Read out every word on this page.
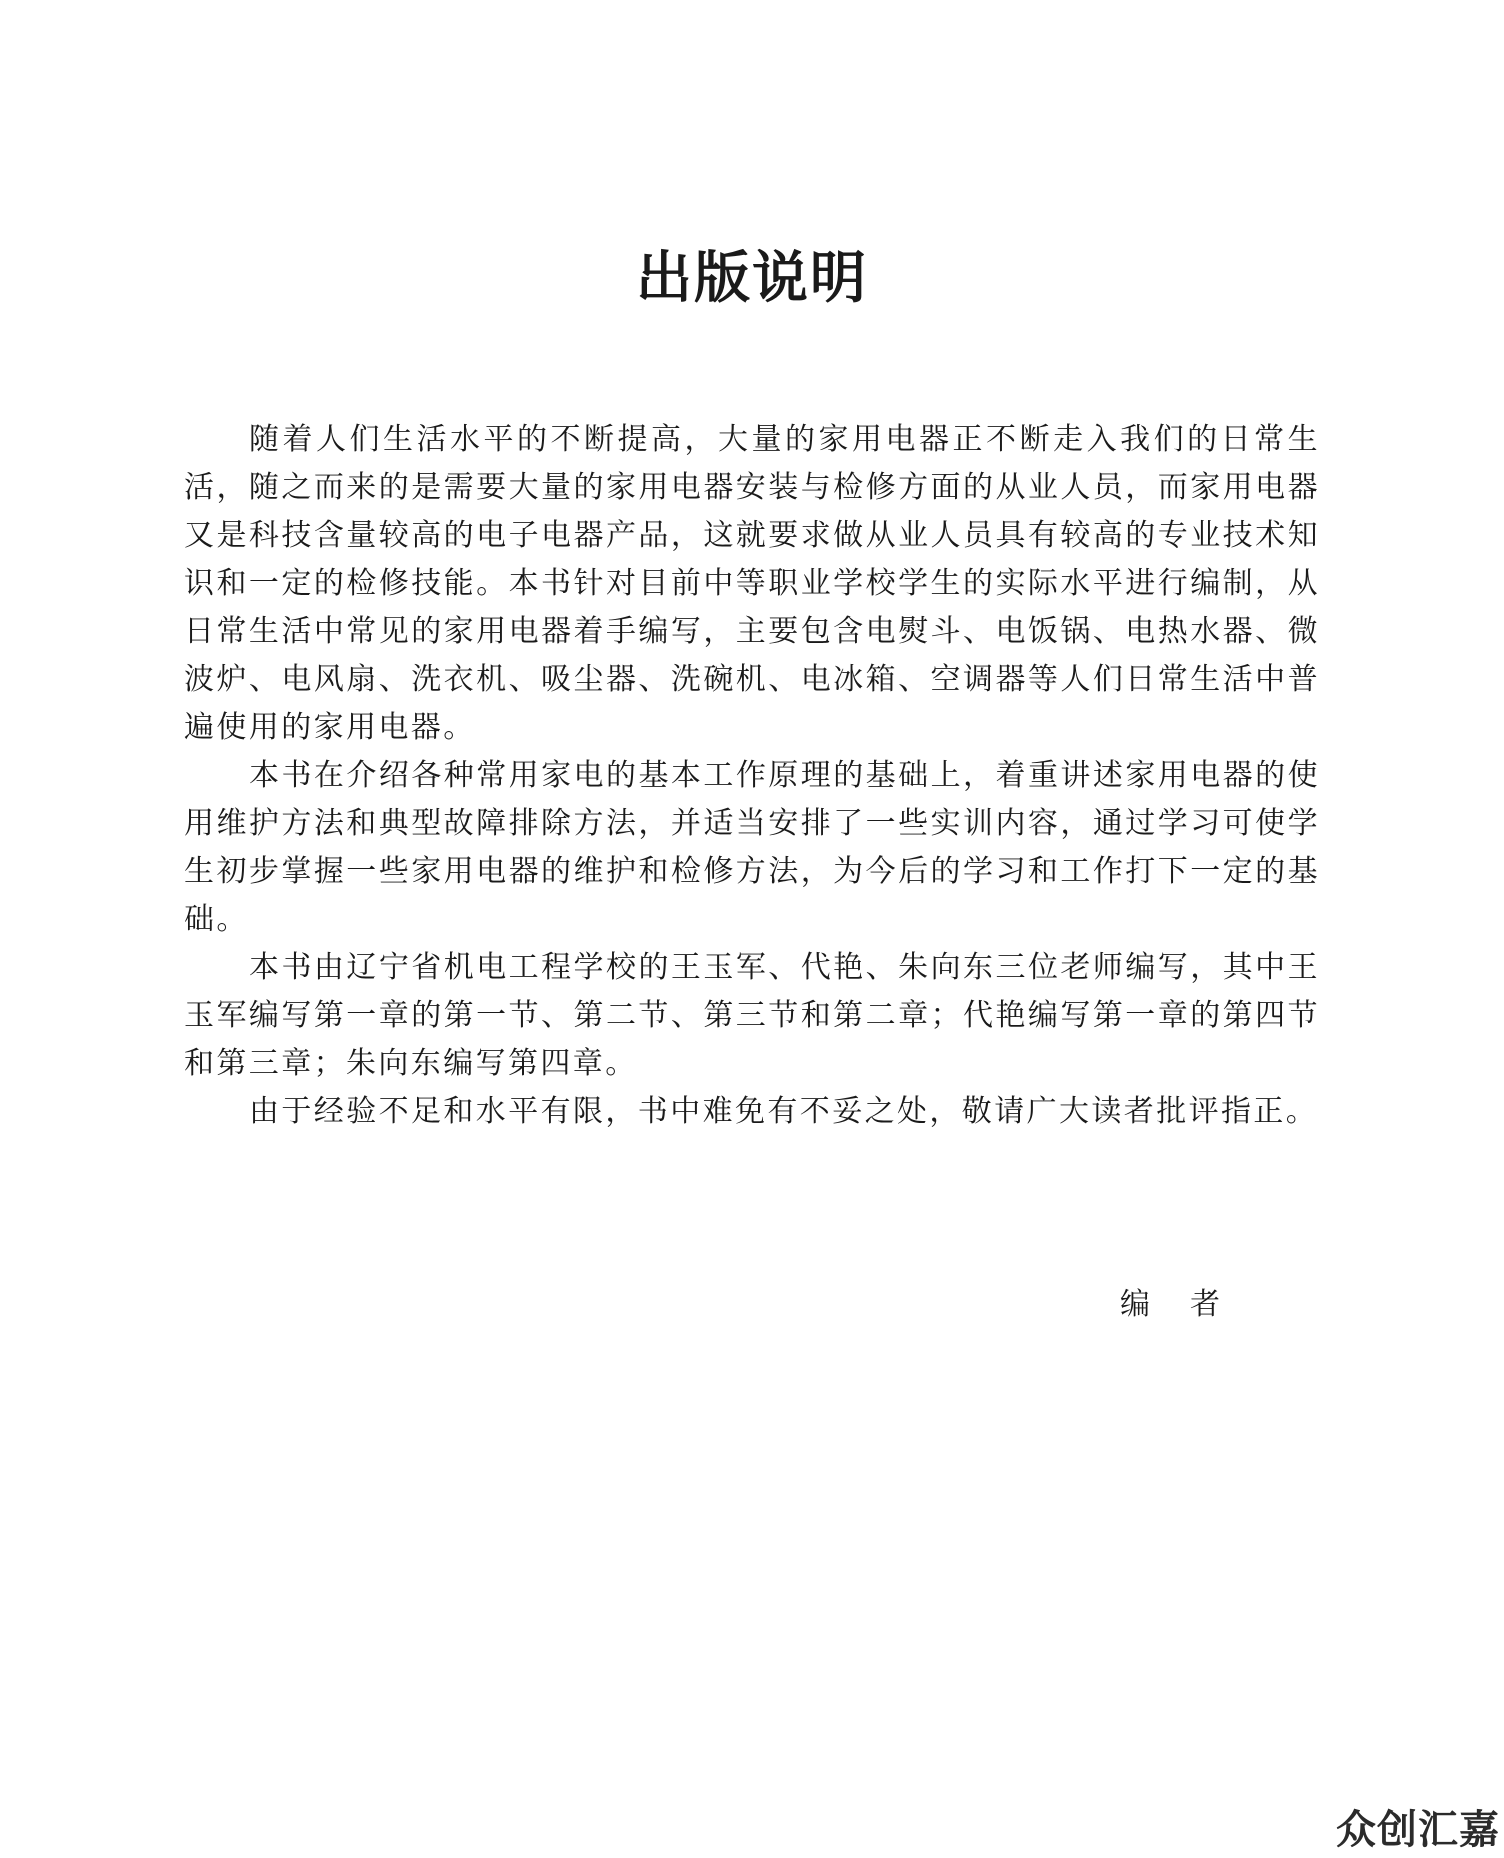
出版说明

随着人们生活水平的不断提高，大量的家用电器正不断走入我们的日常生活，随之而来的是需要大量的家用电器安装与检修方面的从业人员，而家用电器又是科技含量较高的电子电器产品，这就要求做从业人员具有较高的专业技术知识和一定的检修技能。本书针对目前中等职业学校学生的实际水平进行编制，从日常生活中常见的家用电器着手编写，主要包含电熨斗、电饭锅、电热水器、微波炉、电风扇、洗衣机、吸尘器、洗碗机、电冰箱、空调器等人们日常生活中普遍使用的家用电器。

本书在介绍各种常用家电的基本工作原理的基础上，着重讲述家用电器的使用维护方法和典型故障排除方法，并适当安排了一些实训内容，通过学习可使学生初步掌握一些家用电器的维护和检修方法，为今后的学习和工作打下一定的基础。

本书由辽宁省机电工程学校的王玉军、代艳、朱向东三位老师编写，其中王玉军编写第一章的第一节、第二节、第三节和第二章；代艳编写第一章的第四节和第三章；朱向东编写第四章。

由于经验不足和水平有限，书中难免有不妥之处，敬请广大读者批评指正。

编者
众创汇嘉
